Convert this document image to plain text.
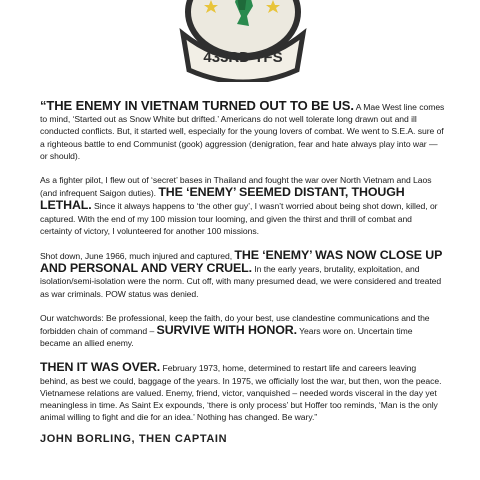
433RD TFS

“THE ENEMY IN VIETNAM TURNED OUT TO BE US. A Mae West line comes to mind, ‘Started out as Snow White but drifted.’ Americans do not well tolerate long drawn out and ill conducted conflicts. But, it started well, especially for the young lovers of combat. We went to S.E.A. sure of a righteous battle to end Communist (gook) aggression (denigration, fear and hate always play into war — or should).

As a fighter pilot, I flew out of ‘secret’ bases in Thailand and fought the war over North Vietnam and Laos (and infrequent Saigon duties). THE ‘ENEMY’ SEEMED DISTANT, THOUGH LETHAL. Since it always happens to ‘the other guy’, I wasn’t worried about being shot down, killed, or captured. With the end of my 100 mission tour looming, and given the thirst and thrill of combat and certainty of victory, I volunteered for another 100 missions.

Shot down, June 1966, much injured and captured, THE ‘ENEMY’ WAS NOW CLOSE UP AND PERSONAL AND VERY CRUEL. In the early years, brutality, exploitation, and isolation/semi-isolation were the norm. Cut off, with many presumed dead, we were considered and treated as war criminals. POW status was denied.

Our watchwords: Be professional, keep the faith, do your best, use clandestine communications and the forbidden chain of command – SURVIVE WITH HONOR. Years wore on. Uncertain time became an allied enemy.

THEN IT WAS OVER. February 1973, home, determined to restart life and careers leaving behind, as best we could, baggage of the years. In 1975, we officially lost the war, but then, won the peace. Vietnamese relations are valued. Enemy, friend, victor, vanquished – needed words visceral in the day yet meaningless in time. As Saint Ex expounds, ‘there is only process’ but Hoffer too reminds, ‘Man is the only animal willing to fight and die for an idea.’ Nothing has changed. Be wary.”

JOHN BORLING, THEN CAPTAIN
